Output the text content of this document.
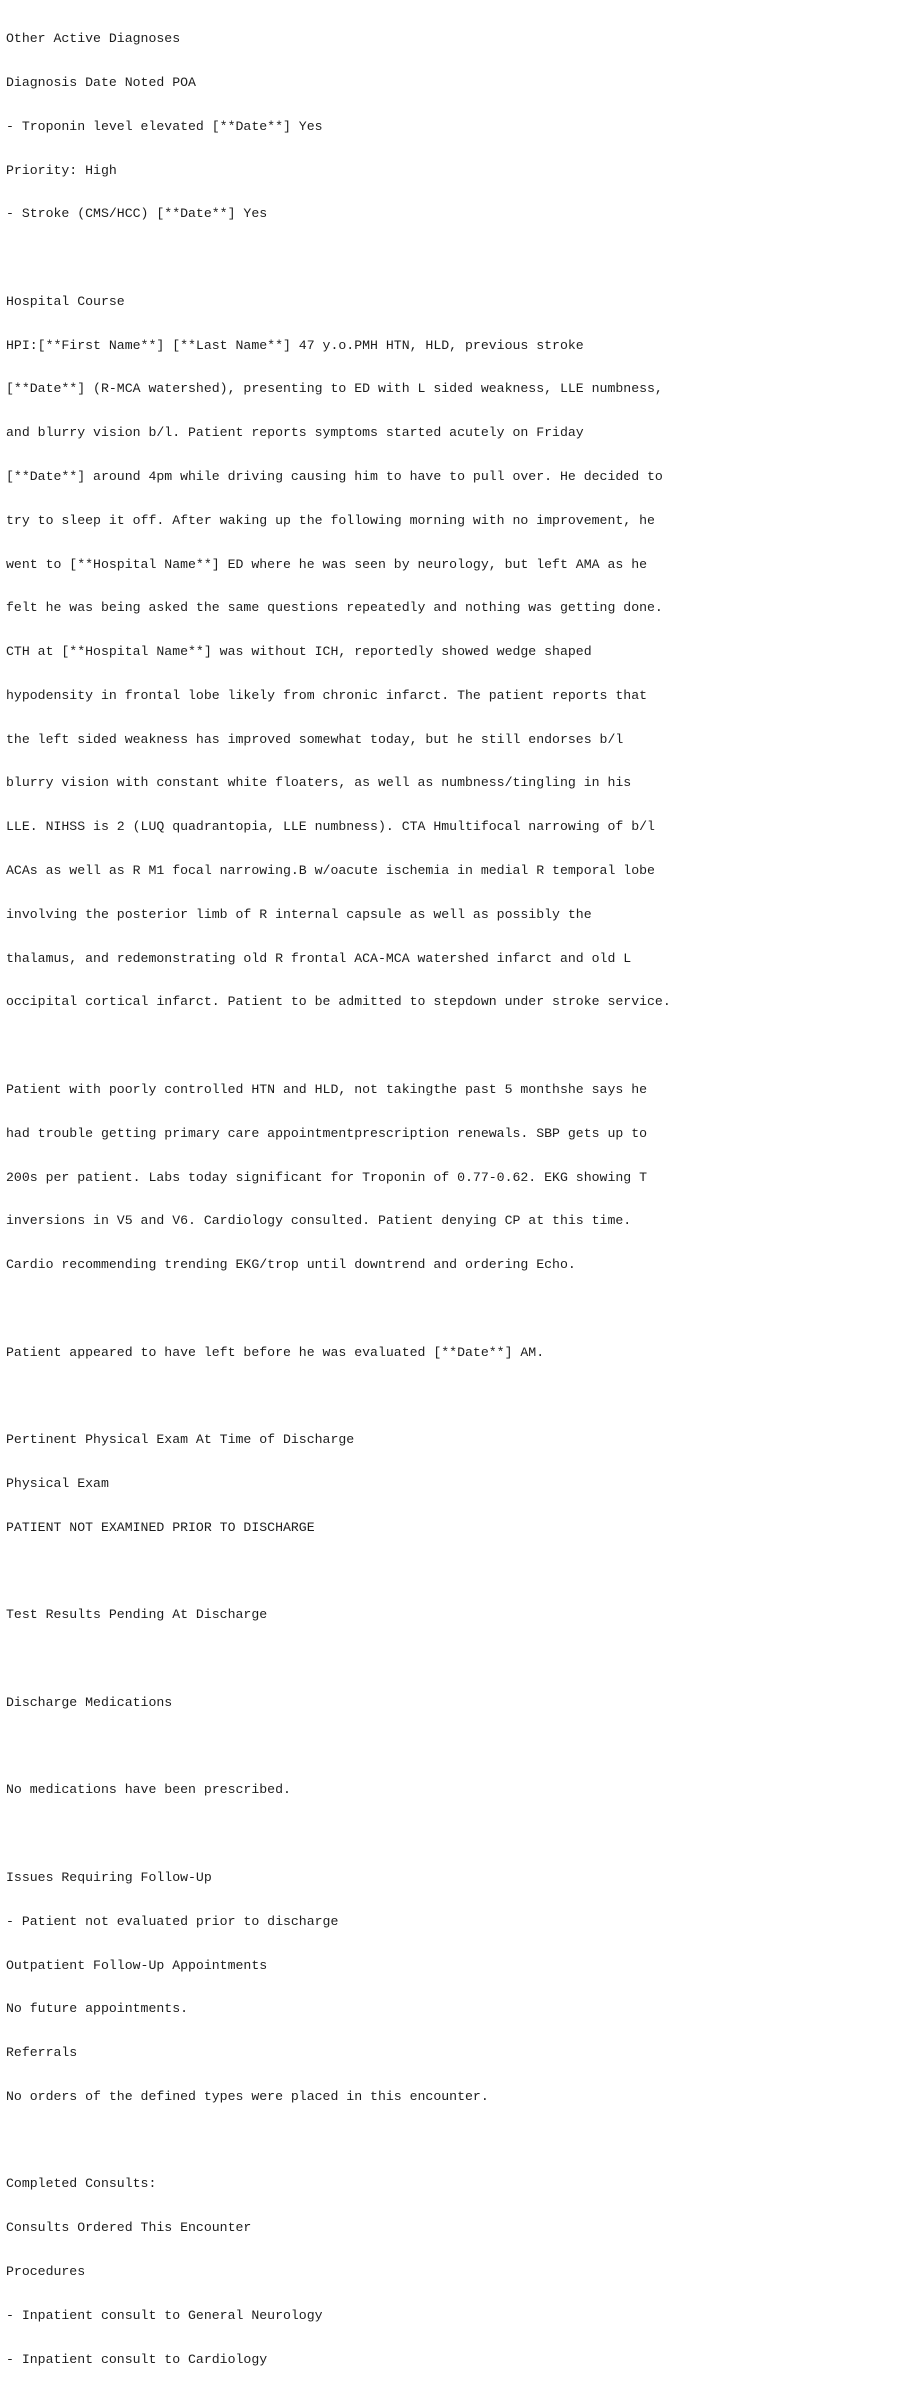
Other Active Diagnoses

Diagnosis Date Noted POA

- Troponin level elevated [**Date**] Yes

Priority: High

- Stroke (CMS/HCC) [**Date**] Yes

Hospital Course

HPI:[**First Name**] [**Last Name**] 47 y.o.PMH HTN, HLD, previous stroke

[**Date**] (R-MCA watershed), presenting to ED with L sided weakness, LLE numbness,

and blurry vision b/l. Patient reports symptoms started acutely on Friday

[**Date**] around 4pm while driving causing him to have to pull over. He decided to

try to sleep it off. After waking up the following morning with no improvement, he

went to [**Hospital Name**] ED where he was seen by neurology, but left AMA as he

felt he was being asked the same questions repeatedly and nothing was getting done.

CTH at [**Hospital Name**] was without ICH, reportedly showed wedge shaped

hypodensity in frontal lobe likely from chronic infarct. The patient reports that

the left sided weakness has improved somewhat today, but he still endorses b/l

blurry vision with constant white floaters, as well as numbness/tingling in his

LLE. NIHSS is 2 (LUQ quadrantopia, LLE numbness). CTA Hmultifocal narrowing of b/l

ACAs as well as R M1 focal narrowing.B w/oacute ischemia in medial R temporal lobe

involving the posterior limb of R internal capsule as well as possibly the

thalamus, and redemonstrating old R frontal ACA-MCA watershed infarct and old L

occipital cortical infarct. Patient to be admitted to stepdown under stroke service.

Patient with poorly controlled HTN and HLD, not takingthe past 5 monthshe says he

had trouble getting primary care appointmentprescription renewals. SBP gets up to

200s per patient. Labs today significant for Troponin of 0.77-0.62. EKG showing T

inversions in V5 and V6. Cardiology consulted. Patient denying CP at this time.

Cardio recommending trending EKG/trop until downtrend and ordering Echo.

Patient appeared to have left before he was evaluated [**Date**] AM.

Pertinent Physical Exam At Time of Discharge

Physical Exam

PATIENT NOT EXAMINED PRIOR TO DISCHARGE

Test Results Pending At Discharge

Discharge Medications

No medications have been prescribed.

Issues Requiring Follow-Up

- Patient not evaluated prior to discharge

Outpatient Follow-Up Appointments

No future appointments.

Referrals

No orders of the defined types were placed in this encounter.

Completed Consults:

Consults Ordered This Encounter

Procedures

- Inpatient consult to General Neurology

- Inpatient consult to Cardiology
